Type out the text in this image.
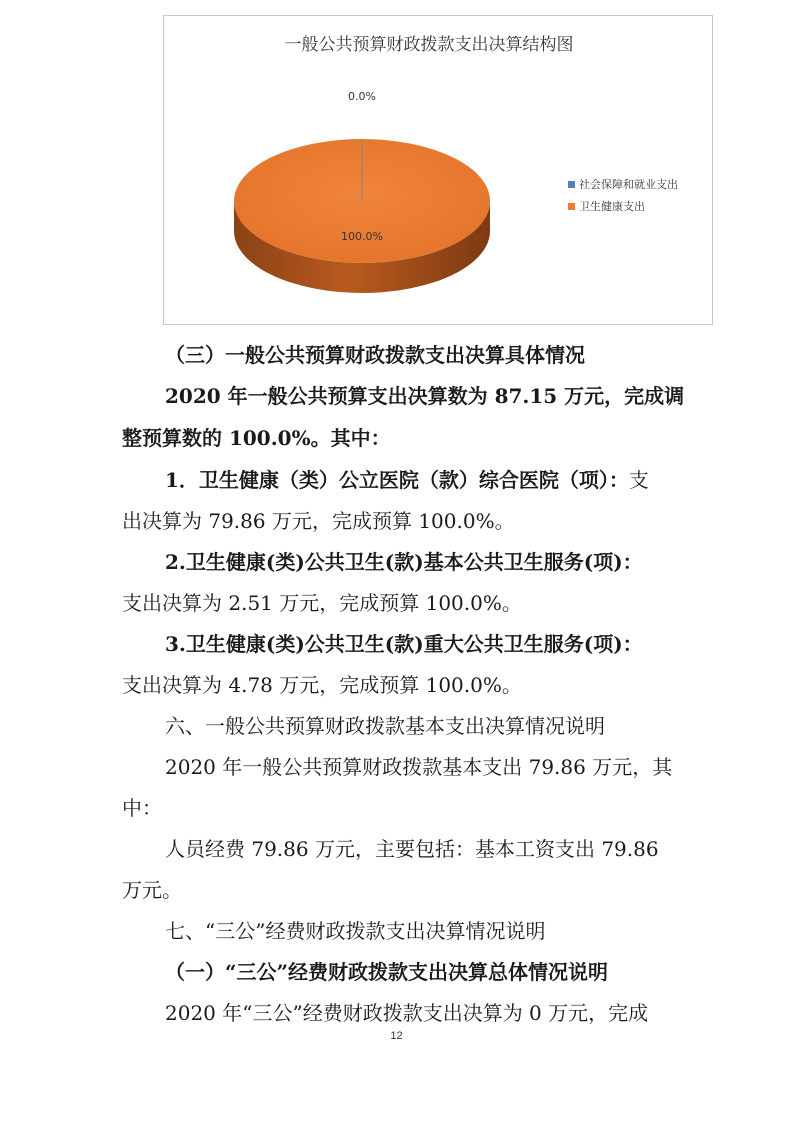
一般公共预算财政拨款支出决算结构图
0.0%
100.0%
社会保障和就业支出
卫生健康支出
（三）一般公共预算财政拨款支出决算具体情况
2020 年一般公共预算支出决算数为 87.15 万元，完成调
整预算数的 100.0%。其中：
1．卫生健康（类）公立医院（款）综合医院（项）：支
出决算为 79.86 万元，完成预算 100.0%。
2.卫生健康(类)公共卫生(款)基本公共卫生服务(项)：
支出决算为 2.51 万元，完成预算 100.0%。
3.卫生健康(类)公共卫生(款)重大公共卫生服务(项)：
支出决算为 4.78 万元，完成预算 100.0%。
六、一般公共预算财政拨款基本支出决算情况说明
2020 年一般公共预算财政拨款基本支出 79.86 万元，其
中：
人员经费 79.86 万元，主要包括：基本工资支出 79.86
万元。
七、“三公”经费财政拨款支出决算情况说明
（一）“三公”经费财政拨款支出决算总体情况说明
2020 年“三公”经费财政拨款支出决算为 0 万元，完成
12
